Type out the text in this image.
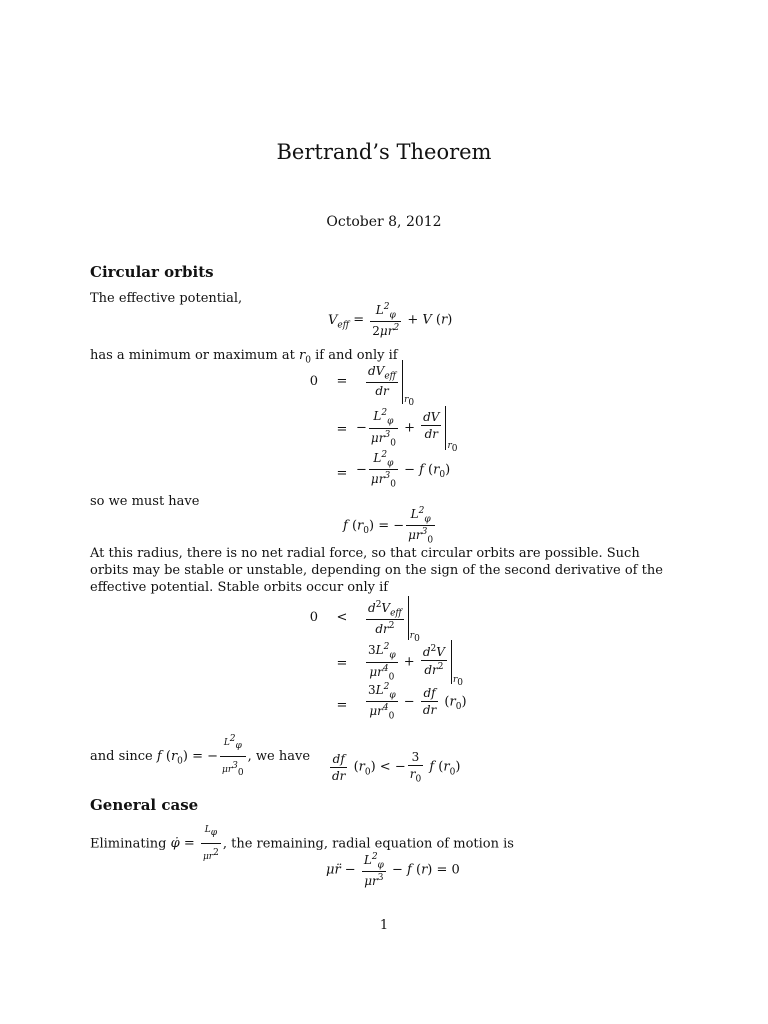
Bertrand’s Theorem
October 8, 2012
Circular orbits
The effective potential,
$V_{eff} = \frac{L^2_\varphi}{2\mu r^2} + V$ (r)
has a minimum or maximum at $r_0$ if and only if
0	=	$\frac{dV_{eff}}{dr}$
$_{r_0}$
= − $\frac{L^2_\varphi}{\mu r^3_0} + \frac{dV}{dr}$
$_{r_0}$
= − $\frac{L^2_\varphi}{\mu r^3_0} - f$ $(r_0)$
so we must have
f $(r_0)$ = − $\frac{L^2_\varphi}{\mu r^3_0}$
At this radius, there is no net radial force, so that circular orbits are possible. Such orbits may be stable or unstable, depending on the sign of the second derivative of the effective potential. Stable orbits occur only if
0	<	$\frac{d^2V_{eff}}{dr^2} _{r_0}$
=	$\frac{3L^2_\varphi}{\mu r^4_0} + \frac{d^2V}{dr^2}$
$_{r_0}$
=	$\frac{3L^2_\varphi}{\mu r^4_0} - \frac{df}{dr} (r_0)$
and since f $(r_0)$ = − $\frac{L^2_\varphi}{\mu r^3_0}$ , we have	$\frac{df}{dr} (r_0)$ < − $\frac{3}{r_0}$ f $(r_0)$
General case
Eliminating φ̇ = $\frac{L_\varphi}{\mu r^2}$ , the remaining, radial equation of motion is
μr̈ − $\frac{L^2_\varphi}{\mu r^3} - f$ (r) = 0
1
